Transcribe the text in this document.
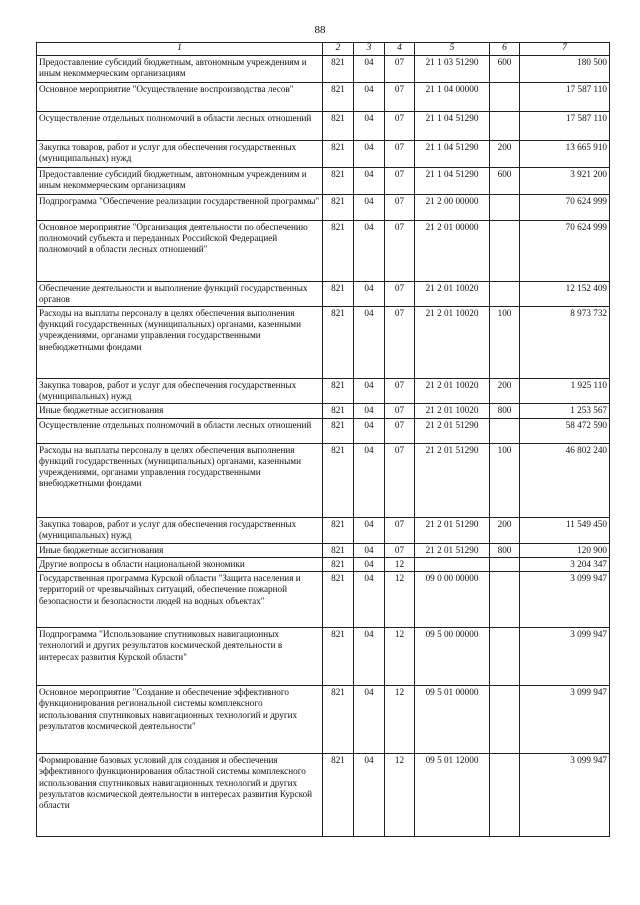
88
1	2	3	4	5	6	7
Предоставление субсидий бюджетным, автономным учреждениям и иным некоммерческим организациям	821	04	07	21 1 03 51290	600	180 500
Основное мероприятие "Осуществление воспроизводства лесов"	821	04	07	21 1 04 00000		17 587 110
Осуществление отдельных полномочий в области лесных отношений	821	04	07	21 1 04 51290		17 587 110
Закупка товаров, работ и услуг для обеспечения государственных (муниципальных) нужд	821	04	07	21 1 04 51290	200	13 665 910
Предоставление субсидий бюджетным, автономным учреждениям и иным некоммерческим организациям	821	04	07	21 1 04 51290	600	3 921 200
Подпрограмма "Обеспечение реализации государственной программы"	821	04	07	21 2 00 00000		70 624 999
Основное мероприятие "Организация деятельности по обеспечению полномочий субъекта и переданных Российской Федерацией полномочий в области лесных отношений"	821	04	07	21 2 01 00000		70 624 999
Обеспечение деятельности и выполнение функций государственных органов	821	04	07	21 2 01 10020		12 152 409
Расходы на выплаты персоналу в целях обеспечения выполнения функций государственных (муниципальных) органами, казенными учреждениями, органами управления государственными внебюджетными фондами	821	04	07	21 2 01 10020	100	8 973 732
Закупка товаров, работ и услуг для обеспечения государственных (муниципальных) нужд	821	04	07	21 2 01 10020	200	1 925 110
Иные бюджетные ассигнования	821	04	07	21 2 01 10020	800	1 253 567
Осуществление отдельных полномочий в области лесных отношений	821	04	07	21 2 01 51290		58 472 590
Расходы на выплаты персоналу в целях обеспечения выполнения функций государственных (муниципальных) органами, казенными учреждениями, органами управления государственными внебюджетными фондами	821	04	07	21 2 01 51290	100	46 802 240
Закупка товаров, работ и услуг для обеспечения государственных (муниципальных) нужд	821	04	07	21 2 01 51290	200	11 549 450
Иные бюджетные ассигнования	821	04	07	21 2 01 51290	800	120 900
Другие вопросы в области национальной экономики	821	04	12			3 204 347
Государственная программа Курской области "Защита населения и территорий от чрезвычайных ситуаций, обеспечение пожарной безопасности и безопасности людей на водных объектах"	821	04	12	09 0 00 00000		3 099 947
Подпрограмма "Использование спутниковых навигационных технологий и других результатов космической деятельности в интересах развития Курской области"	821	04	12	09 5 00 00000		3 099 947
Основное мероприятие "Создание и обеспечение эффективного функционирования региональной системы комплексного использования спутниковых навигационных технологий и других результатов космической деятельности"	821	04	12	09 5 01 00000		3 099 947
Формирование базовых условий для создания и обеспечения эффективного функционирования областной системы комплексного использования спутниковых навигационных технологий и других результатов космической деятельности в интересах развития Курской области	821	04	12	09 5 01 12000		3 099 947
